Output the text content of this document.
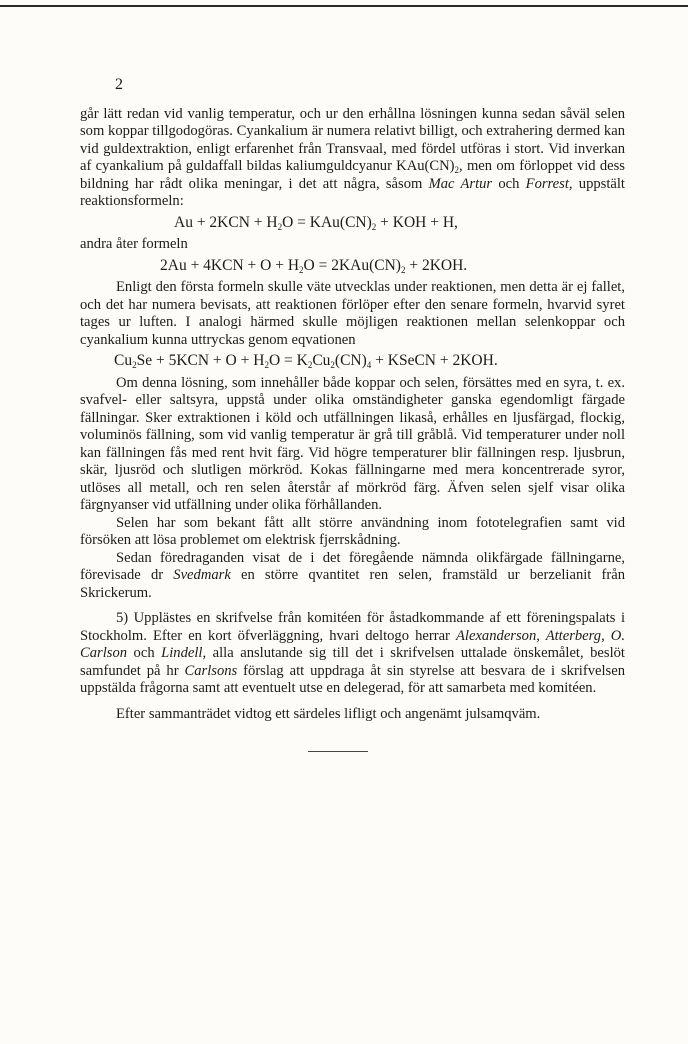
2

går lätt redan vid vanlig temperatur, och ur den erhållna lösningen kunna sedan såväl selen som koppar tillgodogöras. Cyankalium är numera relativt billigt, och extrahering dermed kan vid guldextraktion, enligt erfarenhet från Transvaal, med fördel utföras i stort. Vid inverkan af cyankalium på guldaffall bildas kaliumguldcyanur $KAu(CN)_2$, men om förloppet vid dess bildning har rådt olika meningar, i det att några, såsom Mac Artur och Forrest, uppstält reaktionsformeln:

$Au + 2KCN + H_2O = KAu(CN)_2$ + KOH + H,

andra åter formeln

$2Au + 4KCN + O + H_2O = 2KAu(CN)_2 + 2KOH$.

Enligt den första formeln skulle väte utvecklas under reaktionen, men detta är ej fallet, och det har numera bevisats, att reaktionen förlöper efter den senare formeln, hvarvid syret tages ur luften. I analogi härmed skulle möjligen reaktionen mellan selenkoppar och cyankalium kunna uttryckas genom eqvationen

$Cu_2Se + 5KCN + O + H_2O = K_2Cu_2(CN)_4$ + KSeCN + 2KOH.

Om denna lösning, som innehåller både koppar och selen, försättes med en syra, t. ex. svafvel- eller saltsyra, uppstå under olika omständigheter ganska egendomligt färgade fällningar. Sker extraktionen i köld och utfällningen likaså, erhålles en ljusfärgad, flockig, voluminös fällning, som vid vanlig temperatur är grå till gråblå. Vid temperaturer under noll kan fällningen fås med rent hvit färg. Vid högre temperaturer blir fällningen resp. ljusbrun, skär, ljusröd och slutligen mörkröd. Kokas fällningarne med mera koncentrerade syror, utlöses all metall, och ren selen återstår af mörkröd färg. Äfven selen sjelf visar olika färgnyanser vid utfällning under olika förhållanden.

Selen har som bekant fått allt större användning inom fototelegrafien samt vid försöken att lösa problemet om elektrisk fjerrskådning.

Sedan föredraganden visat de i det föregående nämnda olikfärgade fällningarne, förevisade dr Svedmark en större qvantitet ren selen, framstäld ur berzelianit från Skrickerum.

5) Upplästes en skrifvelse från komitéen för åstadkommande af ett föreningspalats i Stockholm. Efter en kort öfverläggning, hvari deltogo herrar Alexanderson, Atterberg, O. Carlson och Lindell, alla anslutande sig till det i skrifvelsen uttalade önskemålet, beslöt samfundet på hr Carlsons förslag att uppdraga åt sin styrelse att besvara de i skrifvelsen uppstälda frågorna samt att eventuelt utse en delegerad, för att samarbeta med komitéen.

Efter sammanträdet vidtog ett särdeles lifligt och angenämt julsamqväm.
